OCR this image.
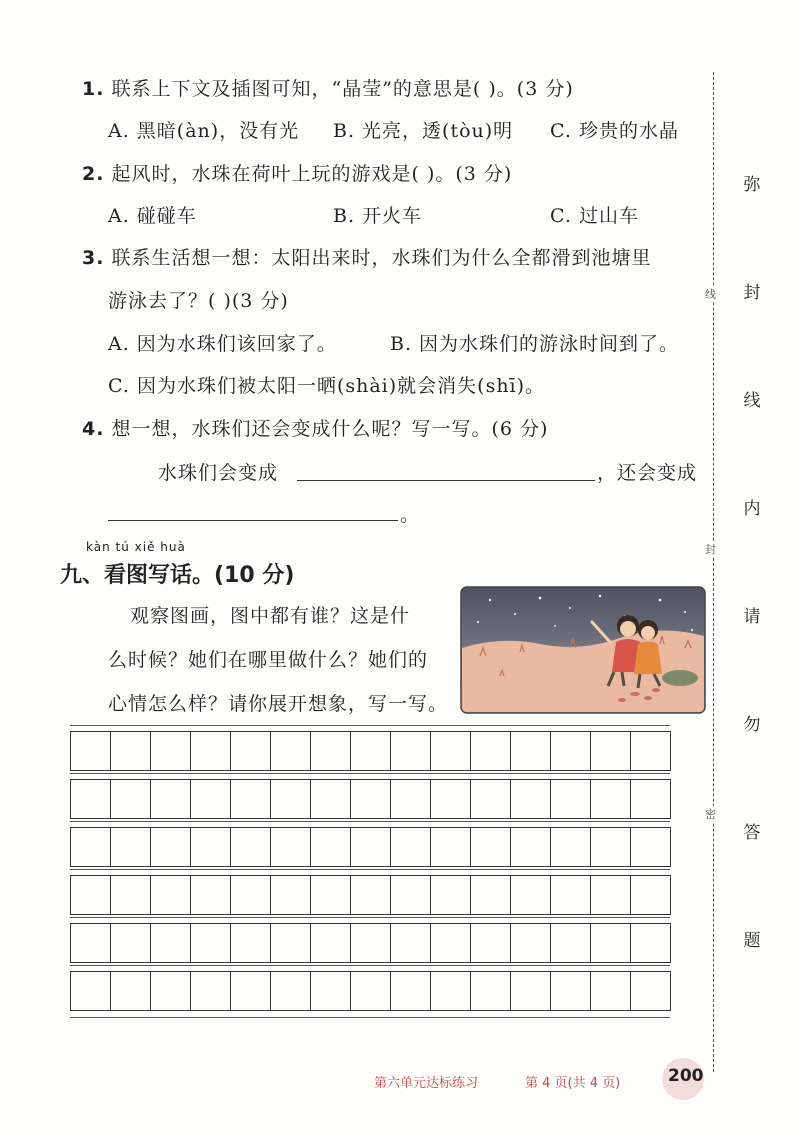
1. 联系上下文及插图可知，“晶莹”的意思是( )。(3 分)
A. 黑暗(àn)，没有光 B. 光亮，透(tòu)明 C. 珍贵的水晶
2. 起风时，水珠在荷叶上玩的游戏是( )。(3 分)
A. 碰碰车	B. 开火车	C. 过山车
3. 联系生活想一想：太阳出来时，水珠们为什么全都滑到池塘里
游泳去了？( )(3 分)
A. 因为水珠们该回家了。	B. 因为水珠们的游泳时间到了。
C. 因为水珠们被太阳一晒(shài)就会消失(shī)。
4. 想一想，水珠们还会变成什么呢？写一写。(6 分)
水珠们会变成	，还会变成
。
kàn tú xiě huà
九、看图写话。(10 分)
观察图画，图中都有谁？这是什
么时候？她们在哪里做什么？她们的
心情怎么样？请你展开想象，写一写。
弥
封
线
内
请
勿
答
题
线
封
密
第六单元达标练习	第 4 页(共 4 页)	200
